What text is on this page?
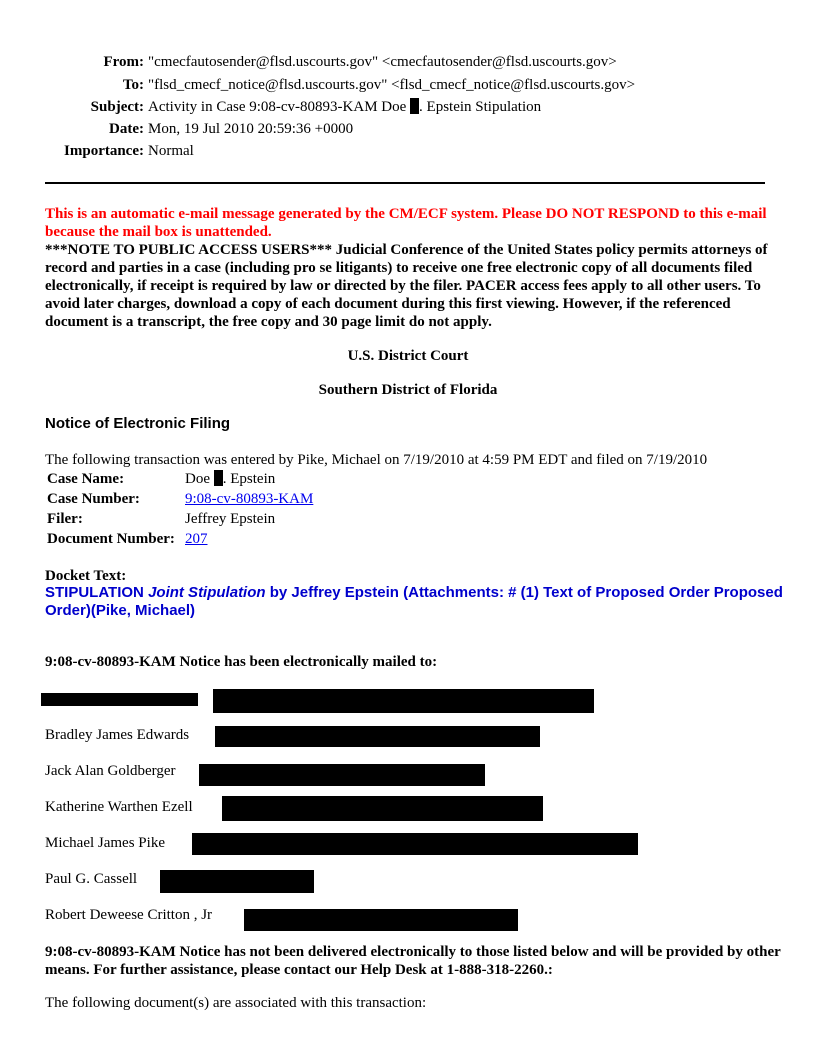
From: "cmecfautosender@flsd.uscourts.gov" <cmecfautosender@flsd.uscourts.gov>
To: "flsd_cmecf_notice@flsd.uscourts.gov" <flsd_cmecf_notice@flsd.uscourts.gov>
Subject: Activity in Case 9:08-cv-80893-KAM Doe . Epstein Stipulation
Date: Mon, 19 Jul 2010 20:59:36 +0000
Importance: Normal
This is an automatic e-mail message generated by the CM/ECF system. Please DO NOT RESPOND to this e-mail because the mail box is unattended.
***NOTE TO PUBLIC ACCESS USERS*** Judicial Conference of the United States policy permits attorneys of record and parties in a case (including pro se litigants) to receive one free electronic copy of all documents filed electronically, if receipt is required by law or directed by the filer. PACER access fees apply to all other users. To avoid later charges, download a copy of each document during this first viewing. However, if the referenced document is a transcript, the free copy and 30 page limit do not apply.
U.S. District Court
Southern District of Florida
Notice of Electronic Filing
The following transaction was entered by Pike, Michael on 7/19/2010 at 4:59 PM EDT and filed on 7/19/2010
Case Name:	Doe . Epstein
Case Number:	9:08-cv-80893-KAM
Filer:	Jeffrey Epstein
Document Number: 207
Docket Text:
STIPULATION Joint Stipulation by Jeffrey Epstein (Attachments: # (1) Text of Proposed Order Proposed Order)(Pike, Michael)
9:08-cv-80893-KAM Notice has been electronically mailed to:
Bradley James Edwards
Jack Alan Goldberger
Katherine Warthen Ezell
Michael James Pike
Paul G. Cassell
Robert Deweese Critton , Jr
9:08-cv-80893-KAM Notice has not been delivered electronically to those listed below and will be provided by other means. For further assistance, please contact our Help Desk at 1-888-318-2260.:
The following document(s) are associated with this transaction:
